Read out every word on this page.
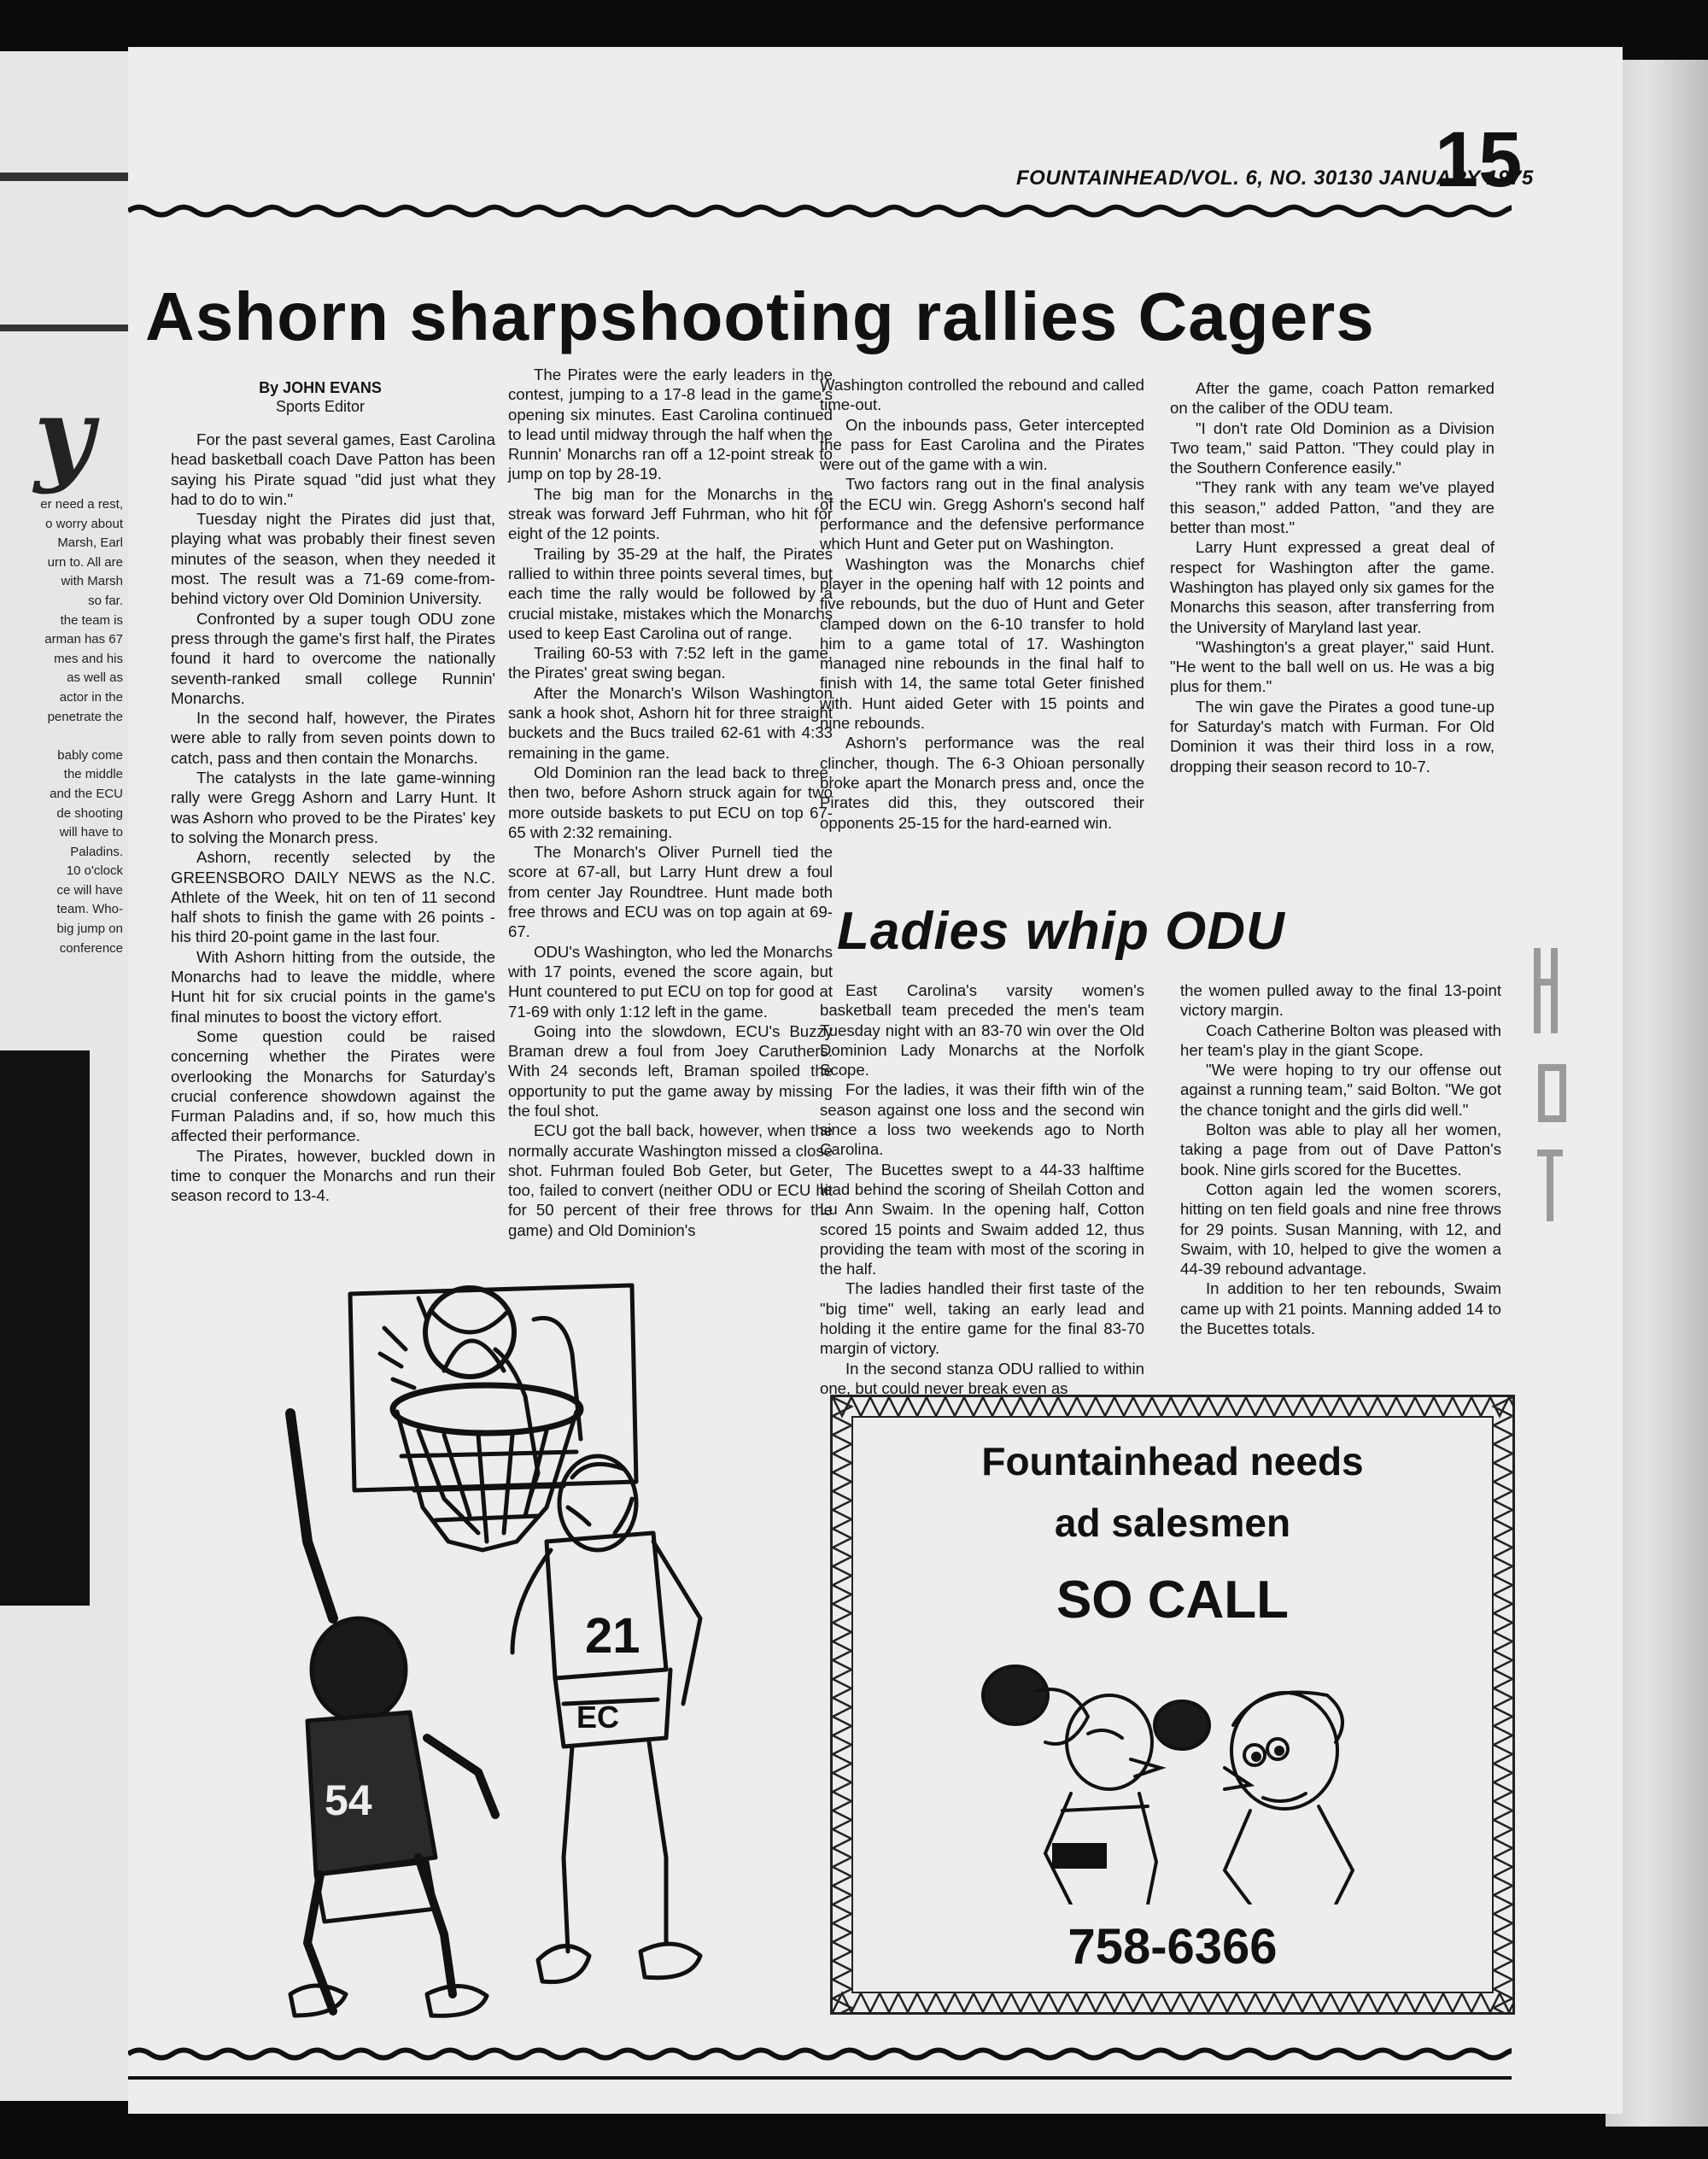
y
er need a rest,
o worry about
Marsh, Earl
urn to. All are
with Marsh
so far.
the team is
arman has 67
mes and his
as well as
actor in the
penetrate the

bably come
the middle
and the ECU
de shooting
will have to
Paladins.
10 o'clock
ce will have
team. Who-
big jump on
conference
FOUNTAINHEAD/VOL. 6, NO. 30130 JANUARY 1975
15
Ashorn sharpshooting rallies Cagers
By JOHN EVANS
Sports Editor

For the past several games, East Carolina head basketball coach Dave Patton has been saying his Pirate squad "did just what they had to do to win."

Tuesday night the Pirates did just that, playing what was probably their finest seven minutes of the season, when they needed it most. The result was a 71-69 come-from-behind victory over Old Dominion University.

Confronted by a super tough ODU zone press through the game's first half, the Pirates found it hard to overcome the nationally seventh-ranked small college Runnin' Monarchs.

In the second half, however, the Pirates were able to rally from seven points down to catch, pass and then contain the Monarchs.

The catalysts in the late game-winning rally were Gregg Ashorn and Larry Hunt. It was Ashorn who proved to be the Pirates' key to solving the Monarch press.

Ashorn, recently selected by the GREENSBORO DAILY NEWS as the N.C. Athlete of the Week, hit on ten of 11 second half shots to finish the game with 26 points - his third 20-point game in the last four.

With Ashorn hitting from the outside, the Monarchs had to leave the middle, where Hunt hit for six crucial points in the game's final minutes to boost the victory effort.

Some question could be raised concerning whether the Pirates were overlooking the Monarchs for Saturday's crucial conference showdown against the Furman Paladins and, if so, how much this affected their performance.

The Pirates, however, buckled down in time to conquer the Monarchs and run their season record to 13-4.

The Pirates were the early leaders in the contest, jumping to a 17-8 lead in the game's opening six minutes. East Carolina continued to lead until midway through the half when the Runnin' Monarchs ran off a 12-point streak to jump on top by 28-19.

The big man for the Monarchs in the streak was forward Jeff Fuhrman, who hit for eight of the 12 points.

Trailing by 35-29 at the half, the Pirates rallied to within three points several times, but each time the rally would be followed by a crucial mistake, mistakes which the Monarchs used to keep East Carolina out of range.

Trailing 60-53 with 7:52 left in the game, the Pirates' great swing began.

After the Monarch's Wilson Washington sank a hook shot, Ashorn hit for three straight buckets and the Bucs trailed 62-61 with 4:33 remaining in the game.

Old Dominion ran the lead back to three, then two, before Ashorn struck again for two more outside baskets to put ECU on top 67-65 with 2:32 remaining.

The Monarch's Oliver Purnell tied the score at 67-all, but Larry Hunt drew a foul from center Jay Roundtree. Hunt made both free throws and ECU was on top again at 69-67.

ODU's Washington, who led the Monarchs with 17 points, evened the score again, but Hunt countered to put ECU on top for good at 71-69 with only 1:12 left in the game.

Going into the slowdown, ECU's Buzzy Braman drew a foul from Joey Caruthers. With 24 seconds left, Braman spoiled the opportunity to put the game away by missing the foul shot.

ECU got the ball back, however, when the normally accurate Washington missed a close shot. Fuhrman fouled Bob Geter, but Geter, too, failed to convert (neither ODU or ECU hit for 50 percent of their free throws for the game) and Old Dominion's

Washington controlled the rebound and called time-out.

On the inbounds pass, Geter intercepted the pass for East Carolina and the Pirates were out of the game with a win.

Two factors rang out in the final analysis of the ECU win. Gregg Ashorn's second half performance and the defensive performance which Hunt and Geter put on Washington.

Washington was the Monarchs chief player in the opening half with 12 points and five rebounds, but the duo of Hunt and Geter clamped down on the 6-10 transfer to hold him to a game total of 17. Washington managed nine rebounds in the final half to finish with 14, the same total Geter finished with. Hunt aided Geter with 15 points and nine rebounds.

Ashorn's performance was the real clincher, though. The 6-3 Ohioan personally broke apart the Monarch press and, once the Pirates did this, they outscored their opponents 25-15 for the hard-earned win.

After the game, coach Patton remarked on the caliber of the ODU team.

"I don't rate Old Dominion as a Division Two team," said Patton. "They could play in the Southern Conference easily."

"They rank with any team we've played this season," added Patton, "and they are better than most."

Larry Hunt expressed a great deal of respect for Washington after the game. Washington has played only six games for the Monarchs this season, after transferring from the University of Maryland last year.

"Washington's a great player," said Hunt. "He went to the ball well on us. He was a big plus for them."

The win gave the Pirates a good tune-up for Saturday's match with Furman. For Old Dominion it was their third loss in a row, dropping their season record to 10-7.

Ladies whip ODU

East Carolina's varsity women's basketball team preceded the men's team Tuesday night with an 83-70 win over the Old Dominion Lady Monarchs at the Norfolk Scope.

For the ladies, it was their fifth win of the season against one loss and the second win since a loss two weekends ago to North Carolina.

The Bucettes swept to a 44-33 halftime lead behind the scoring of Sheilah Cotton and Lu Ann Swaim. In the opening half, Cotton scored 15 points and Swaim added 12, thus providing the team with most of the scoring in the half.

The ladies handled their first taste of the "big time" well, taking an early lead and holding it the entire game for the final 83-70 margin of victory.

In the second stanza ODU rallied to within one, but could never break even as

the women pulled away to the final 13-point victory margin.

Coach Catherine Bolton was pleased with her team's play in the giant Scope.

"We were hoping to try our offense out against a running team," said Bolton. "We got the chance tonight and the girls did well."

Bolton was able to play all her women, taking a page from out of Dave Patton's book. Nine girls scored for the Bucettes.

Cotton again led the women scorers, hitting on ten field goals and nine free throws for 29 points. Susan Manning, with 12, and Swaim, with 10, helped to give the women a 44-39 rebound advantage.

In addition to her ten rebounds, Swaim came up with 21 points. Manning added 14 to the Bucettes totals.

21
EC
54
Fountainhead needs
ad salesmen
SO CALL
758-6366
